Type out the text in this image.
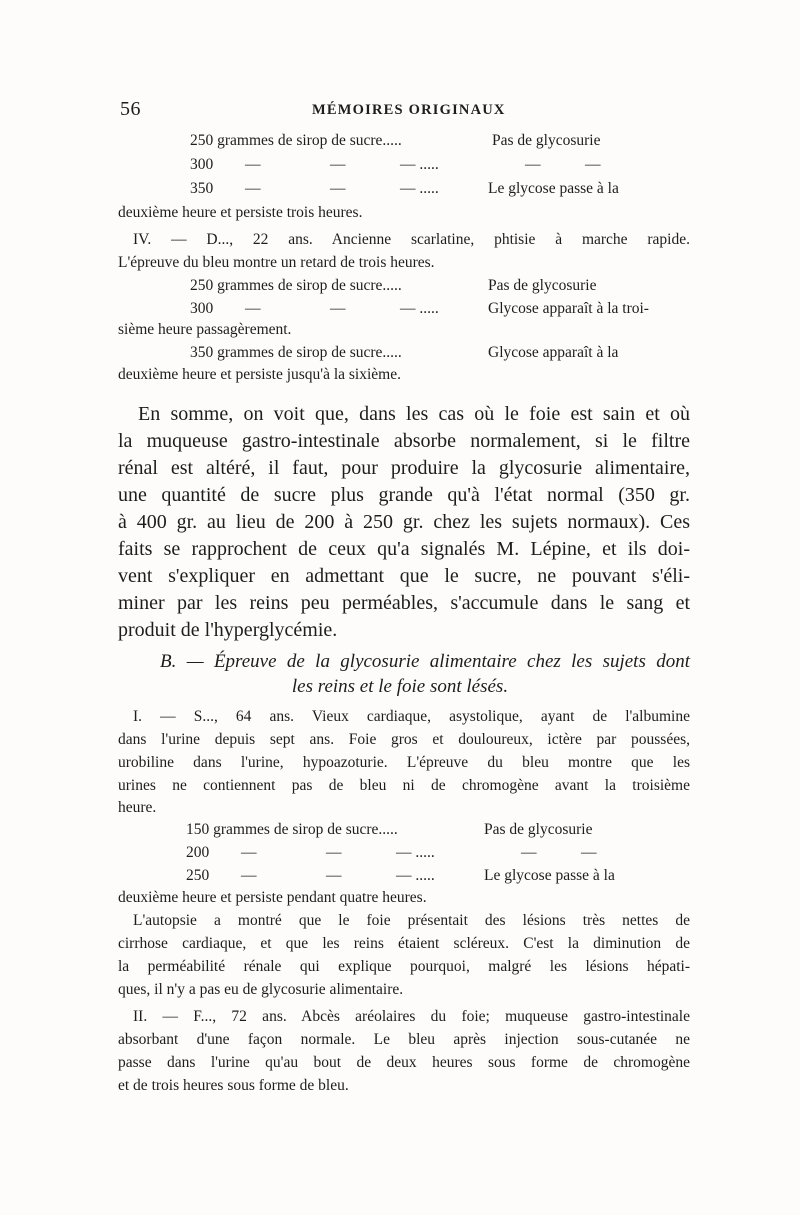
56	MÉMOIRES ORIGINAUX
250 grammes de sirop de sucre.....	Pas de glycosurie
300 —	—	— .....	—	—
350 —	—	— .....	Le glycose passe à la
deuxième heure et persiste trois heures.
IV. — D..., 22 ans. Ancienne scarlatine, phtisie à marche rapide.
L'épreuve du bleu montre un retard de trois heures.
250 grammes de sirop de sucre.....	Pas de glycosurie
300 —	—	— .....	Glycose apparaît à la troi-
sième heure passagèrement.
350 grammes de sirop de sucre.....	Glycose apparaît à la
deuxième heure et persiste jusqu'à la sixième.
En somme, on voit que, dans les cas où le foie est sain et où
la muqueuse gastro-intestinale absorbe normalement, si le filtre
rénal est altéré, il faut, pour produire la glycosurie alimentaire,
une quantité de sucre plus grande qu'à l'état normal (350 gr.
à 400 gr. au lieu de 200 à 250 gr. chez les sujets normaux). Ces
faits se rapprochent de ceux qu'a signalés M. Lépine, et ils doi-
vent s'expliquer en admettant que le sucre, ne pouvant s'éli-
miner par les reins peu perméables, s'accumule dans le sang et
produit de l'hyperglycémie.
B. — Épreuve de la glycosurie alimentaire chez les sujets dont
les reins et le foie sont lésés.
I. — S..., 64 ans. Vieux cardiaque, asystolique, ayant de l'albumine
dans l'urine depuis sept ans. Foie gros et douloureux, ictère par poussées,
urobiline dans l'urine, hypoazoturie. L'épreuve du bleu montre que les
urines ne contiennent pas de bleu ni de chromogène avant la troisième
heure.
150 grammes de sirop de sucre.....	Pas de glycosurie
200 —	—	— .....	—	—
250 —	—	— .....	Le glycose passe à la
deuxième heure et persiste pendant quatre heures.
L'autopsie a montré que le foie présentait des lésions très nettes de
cirrhose cardiaque, et que les reins étaient scléreux. C'est la diminution de
la perméabilité rénale qui explique pourquoi, malgré les lésions hépati-
ques, il n'y a pas eu de glycosurie alimentaire.
II. — F..., 72 ans. Abcès aréolaires du foie; muqueuse gastro-intestinale
absorbant d'une façon normale. Le bleu après injection sous-cutanée ne
passe dans l'urine qu'au bout de deux heures sous forme de chromogène
et de trois heures sous forme de bleu.
